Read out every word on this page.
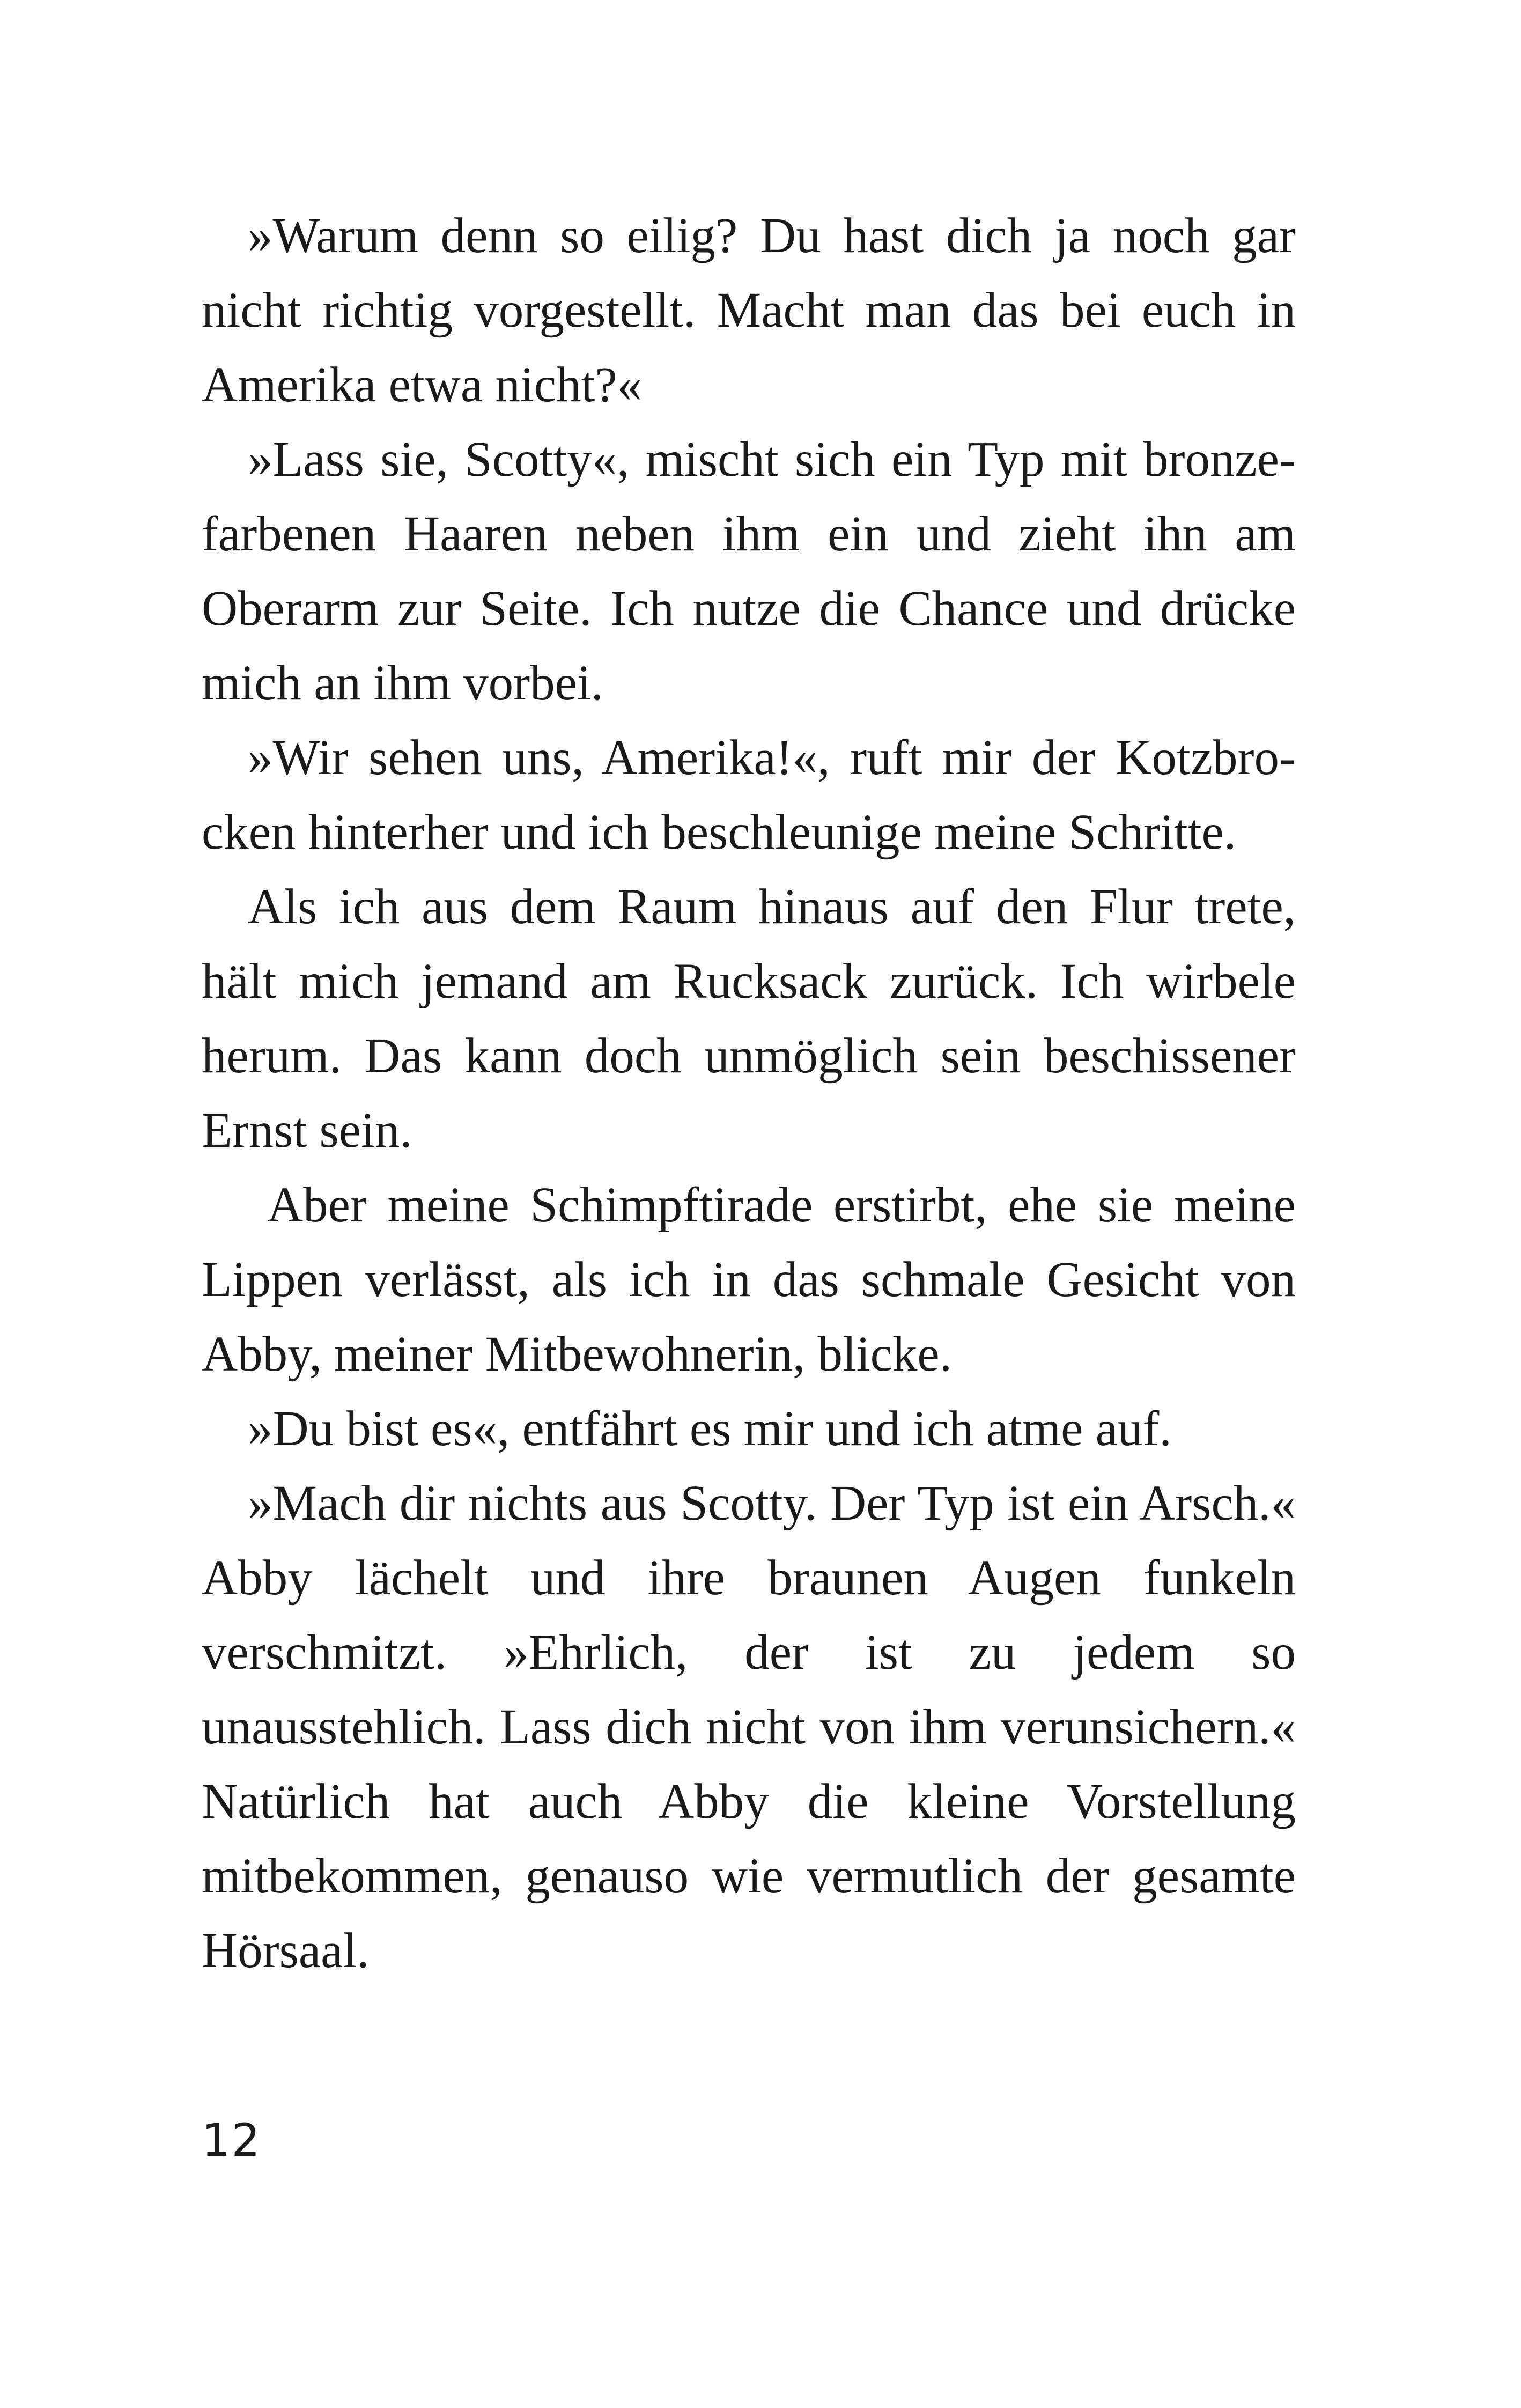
»Warum denn so eilig? Du hast dich ja noch gar nicht richtig vorgestellt. Macht man das bei euch in Amerika etwa nicht?«

»Lass sie, Scotty«, mischt sich ein Typ mit bronzefarbenen Haaren neben ihm ein und zieht ihn am Oberarm zur Seite. Ich nutze die Chance und drücke mich an ihm vorbei.

»Wir sehen uns, Amerika!«, ruft mir der Kotzbrocken hinterher und ich beschleunige meine Schritte.

Als ich aus dem Raum hinaus auf den Flur trete, hält mich jemand am Rucksack zurück. Ich wirbele herum. Das kann doch unmöglich sein beschissener Ernst sein.

Aber meine Schimpftirade erstirbt, ehe sie meine Lippen verlässt, als ich in das schmale Gesicht von Abby, meiner Mitbewohnerin, blicke.

»Du bist es«, entfährt es mir und ich atme auf.

»Mach dir nichts aus Scotty. Der Typ ist ein Arsch.« Abby lächelt und ihre braunen Augen funkeln verschmitzt. »Ehrlich, der ist zu jedem so unausstehlich. Lass dich nicht von ihm verunsichern.« Natürlich hat auch Abby die kleine Vorstellung mitbekommen, genauso wie vermutlich der gesamte Hörsaal.

12
